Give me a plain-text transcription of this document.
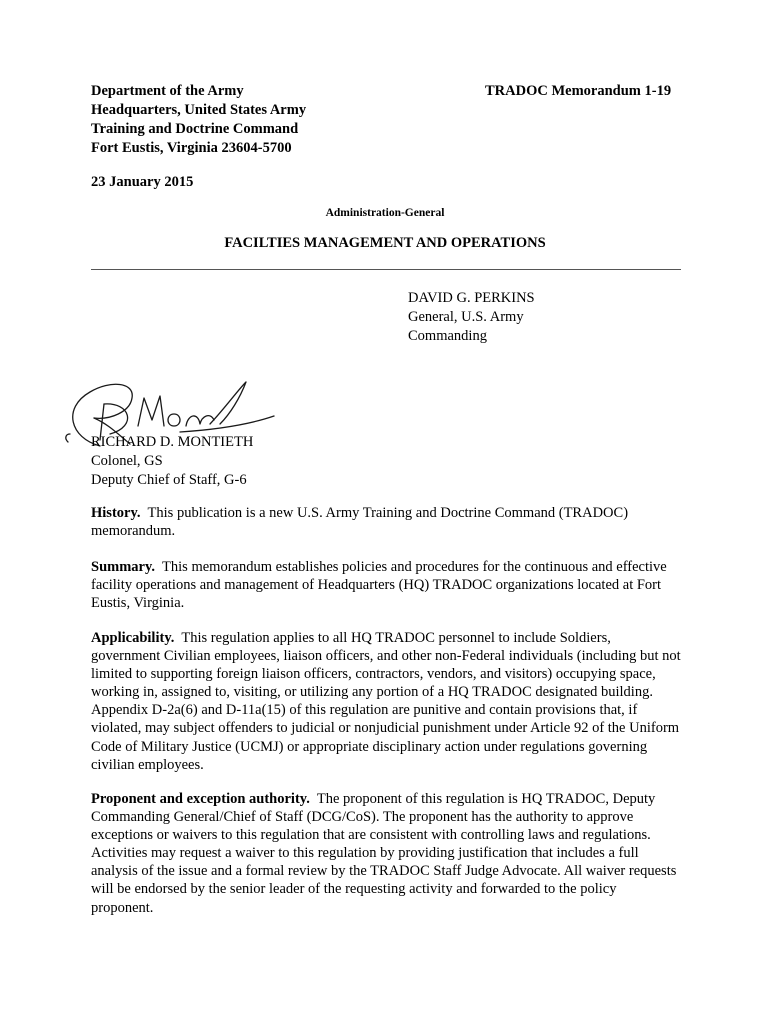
Department of the Army
Headquarters, United States Army
Training and Doctrine Command
Fort Eustis, Virginia 23604-5700
TRADOC Memorandum 1-19
23 January 2015
Administration-General
FACILTIES MANAGEMENT AND OPERATIONS
DAVID G. PERKINS
General, U.S. Army
Commanding
RICHARD D. MONTIETH
Colonel, GS
Deputy Chief of Staff, G-6
History. This publication is a new U.S. Army Training and Doctrine Command (TRADOC) memorandum.
Summary. This memorandum establishes policies and procedures for the continuous and effective facility operations and management of Headquarters (HQ) TRADOC organizations located at Fort Eustis, Virginia.
Applicability. This regulation applies to all HQ TRADOC personnel to include Soldiers, government Civilian employees, liaison officers, and other non-Federal individuals (including but not limited to supporting foreign liaison officers, contractors, vendors, and visitors) occupying space, working in, assigned to, visiting, or utilizing any portion of a HQ TRADOC designated building. Appendix D-2a(6) and D-11a(15) of this regulation are punitive and contain provisions that, if violated, may subject offenders to judicial or nonjudicial punishment under Article 92 of the Uniform Code of Military Justice (UCMJ) or appropriate disciplinary action under regulations governing civilian employees.
Proponent and exception authority. The proponent of this regulation is HQ TRADOC, Deputy Commanding General/Chief of Staff (DCG/CoS). The proponent has the authority to approve exceptions or waivers to this regulation that are consistent with controlling laws and regulations. Activities may request a waiver to this regulation by providing justification that includes a full analysis of the issue and a formal review by the TRADOC Staff Judge Advocate. All waiver requests will be endorsed by the senior leader of the requesting activity and forwarded to the policy proponent.
